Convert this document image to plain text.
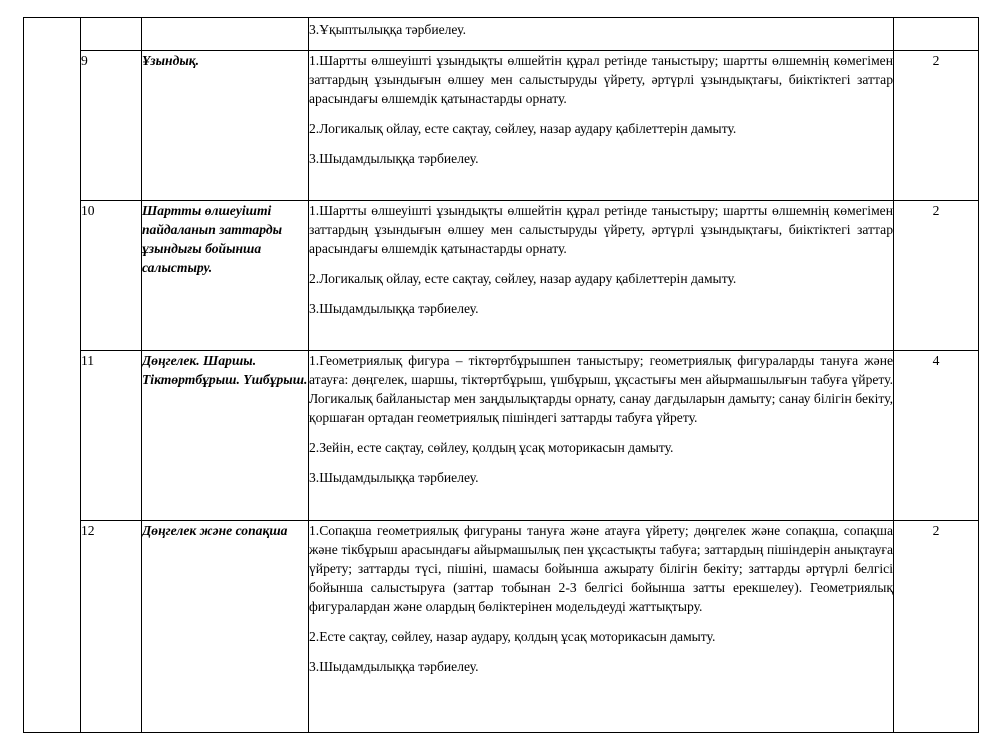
			3.Ұқыптылыққа тәрбиелеу.	

	9	Ұзындық.	1.Шартты өлшеуішті ұзындықты өлшейтін құрал ретінде таныстыру; шартты өлшемнің көмегімен заттардың ұзындығын өлшеу мен салыстыруды үйрету, әртүрлі ұзындықтағы, биіктіктегі заттар арасындағы өлшемдік қатынастарды орнату.

2.Логикалық ойлау, есте сақтау, сөйлеу, назар аудару қабілеттерін дамыту.

3.Шыдамдылыққа тәрбиелеу.	2
	10	Шартты өлшеуішті пайдаланып заттарды ұзындығы бойынша салыстыру.	1.Шартты өлшеуішті ұзындықты өлшейтін құрал ретінде таныстыру; шартты өлшемнің көмегімен заттардың ұзындығын өлшеу мен салыстыруды үйрету, әртүрлі ұзындықтағы, биіктіктегі заттар арасындағы өлшемдік қатынастарды орнату.

2.Логикалық ойлау, есте сақтау, сөйлеу, назар аудару қабілеттерін дамыту.

3.Шыдамдылыққа тәрбиелеу.	2
	11	Дөңгелек. Шаршы. Тіктөртбұрыш. Үшбұрыш.	1.Геометриялық фигура – тіктөртбұрышпен таныстыру; геометриялық фигураларды тануға және атауға: дөңгелек, шаршы, тіктөртбұрыш, үшбұрыш, ұқсастығы мен айырмашылығын табуға үйрету. Логикалық байланыстар мен заңдылықтарды орнату, санау дағдыларын дамыту; санау білігін бекіту, қоршаған ортадан геометриялық пішіндегі заттарды табуға үйрету.

2.Зейін, есте сақтау, сөйлеу, қолдың ұсақ моторикасын дамыту.

3.Шыдамдылыққа тәрбиелеу.	4
	12	Дөңгелек және сопақша	1.Сопақша геометриялық фигураны тануға және атауға үйрету; дөңгелек және сопақша, сопақша және тікбұрыш арасындағы айырмашылық пен ұқсастықты табуға; заттардың пішіндерін анықтауға үйрету; заттарды түсі, пішіні, шамасы бойынша ажырату білігін бекіту; заттарды әртүрлі белгісі бойынша салыстыруға (заттар тобынан 2-3 белгісі бойынша затты ерекшелеу). Геометриялық фигуралардан және олардың бөліктерінен модельдеуді жаттықтыру.

2.Есте сақтау, сөйлеу, назар аудару, қолдың ұсақ моторикасын дамыту.

3.Шыдамдылыққа тәрбиелеу.	2
